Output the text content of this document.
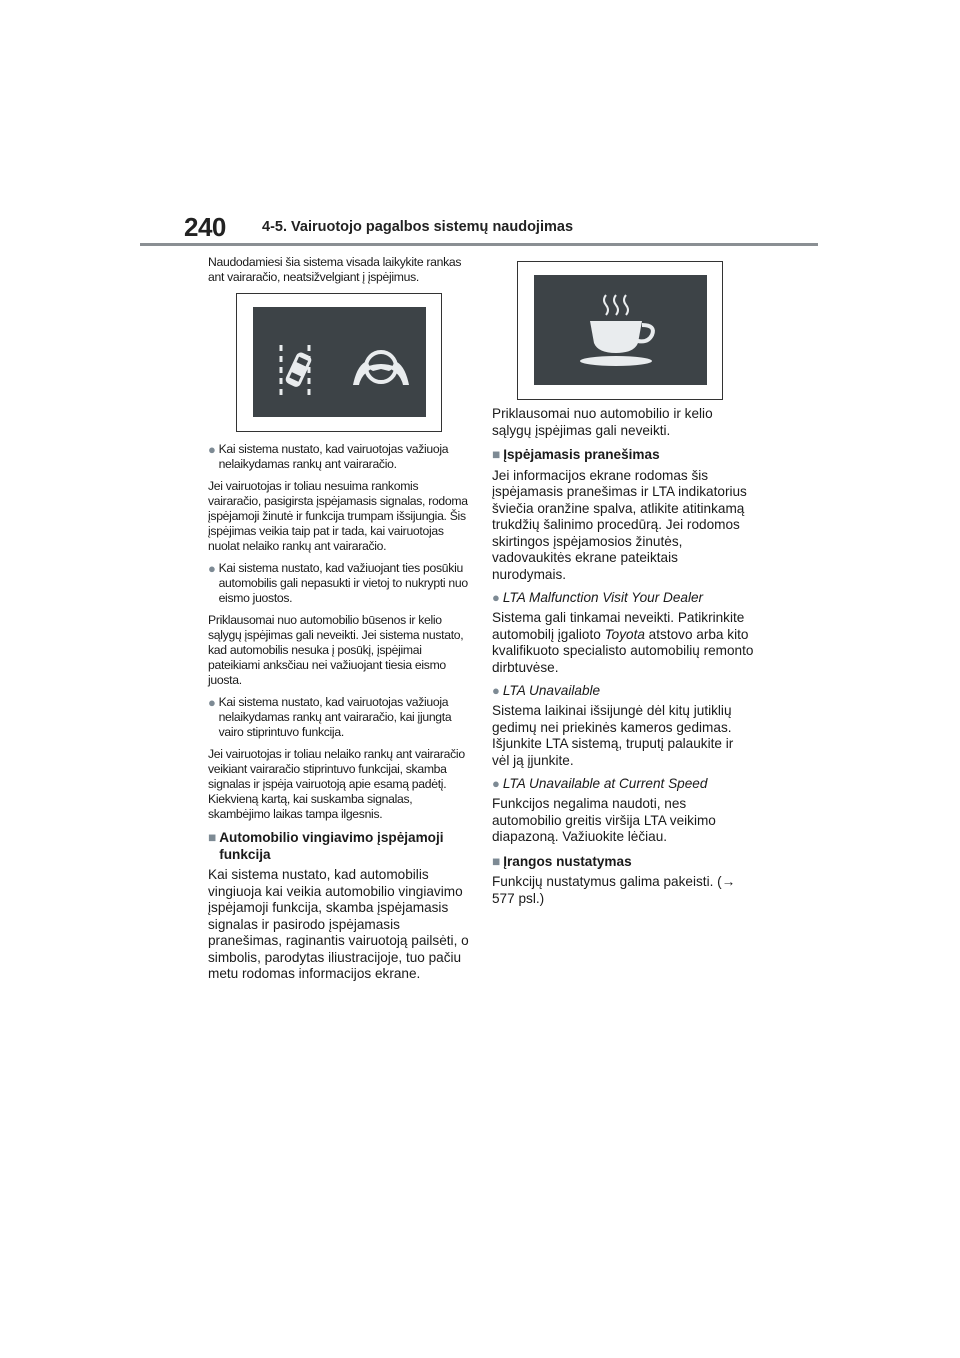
240 4-5. Vairuotojo pagalbos sistemų naudojimas

Naudodamiesi šia sistema visada laikykite rankas ant vairaračio, neatsižvelgiant į įspėjimus.

● Kai sistema nustato, kad vairuotojas važiuoja nelaikydamas rankų ant vairaračio.

Jei vairuotojas ir toliau nesuima rankomis vairaračio, pasigirsta įspėjamasis signalas, rodoma įspėjamoji žinutė ir funkcija trumpam išsijungia. Šis įspėjimas veikia taip pat ir tada, kai vairuotojas nuolat nelaiko rankų ant vairaračio.

● Kai sistema nustato, kad važiuojant ties posūkiu automobilis gali nepasukti ir vietoj to nukrypti nuo eismo juostos.

Priklausomai nuo automobilio būsenos ir kelio sąlygų įspėjimas gali neveikti. Jei sistema nustato, kad automobilis nesuka į posūkį, įspėjimai pateikiami anksčiau nei važiuojant tiesia eismo juosta.

● Kai sistema nustato, kad vairuotojas važiuoja nelaikydamas rankų ant vairaračio, kai įjungta vairo stiprintuvo funkcija.

Jei vairuotojas ir toliau nelaiko rankų ant vairaračio veikiant vairaračio stiprintuvo funkcijai, skamba signalas ir įspėja vairuotoją apie esamą padėtį. Kiekvieną kartą, kai suskamba signalas, skambėjimo laikas tampa ilgesnis.

■ Automobilio vingiavimo įspėjamoji funkcija

Kai sistema nustato, kad automobilis vingiuoja kai veikia automobilio vingiavimo įspėjamoji funkcija, skamba įspėjamasis signalas ir pasirodo įspėjamasis pranešimas, raginantis vairuotoją pailsėti, o simbolis, parodytas iliustracijoje, tuo pačiu metu rodomas informacijos ekrane.

Priklausomai nuo automobilio ir kelio sąlygų įspėjimas gali neveikti.

■ Įspėjamasis pranešimas

Jei informacijos ekrane rodomas šis įspėjamasis pranešimas ir LTA indikatorius šviečia oranžine spalva, atlikite atitinkamą trukdžių šalinimo procedūrą. Jei rodomos skirtingos įspėjamosios žinutės, vadovaukitės ekrane pateiktais nurodymais.

● LTA Malfunction Visit Your Dealer

Sistema gali tinkamai neveikti. Patikrinkite automobilį įgalioto Toyota atstovo arba kito kvalifikuoto specialisto automobilių remonto dirbtuvėse.

● LTA Unavailable

Sistema laikinai išsijungė dėl kitų jutiklių gedimų nei priekinės kameros gedimas. Išjunkite LTA sistemą, truputį palaukite ir vėl ją įjunkite.

● LTA Unavailable at Current Speed

Funkcijos negalima naudoti, nes automobilio greitis viršija LTA veikimo diapazoną. Važiuokite lėčiau.

■ Įrangos nustatymas

Funkcijų nustatymus galima pakeisti. (→ 577 psl.)
